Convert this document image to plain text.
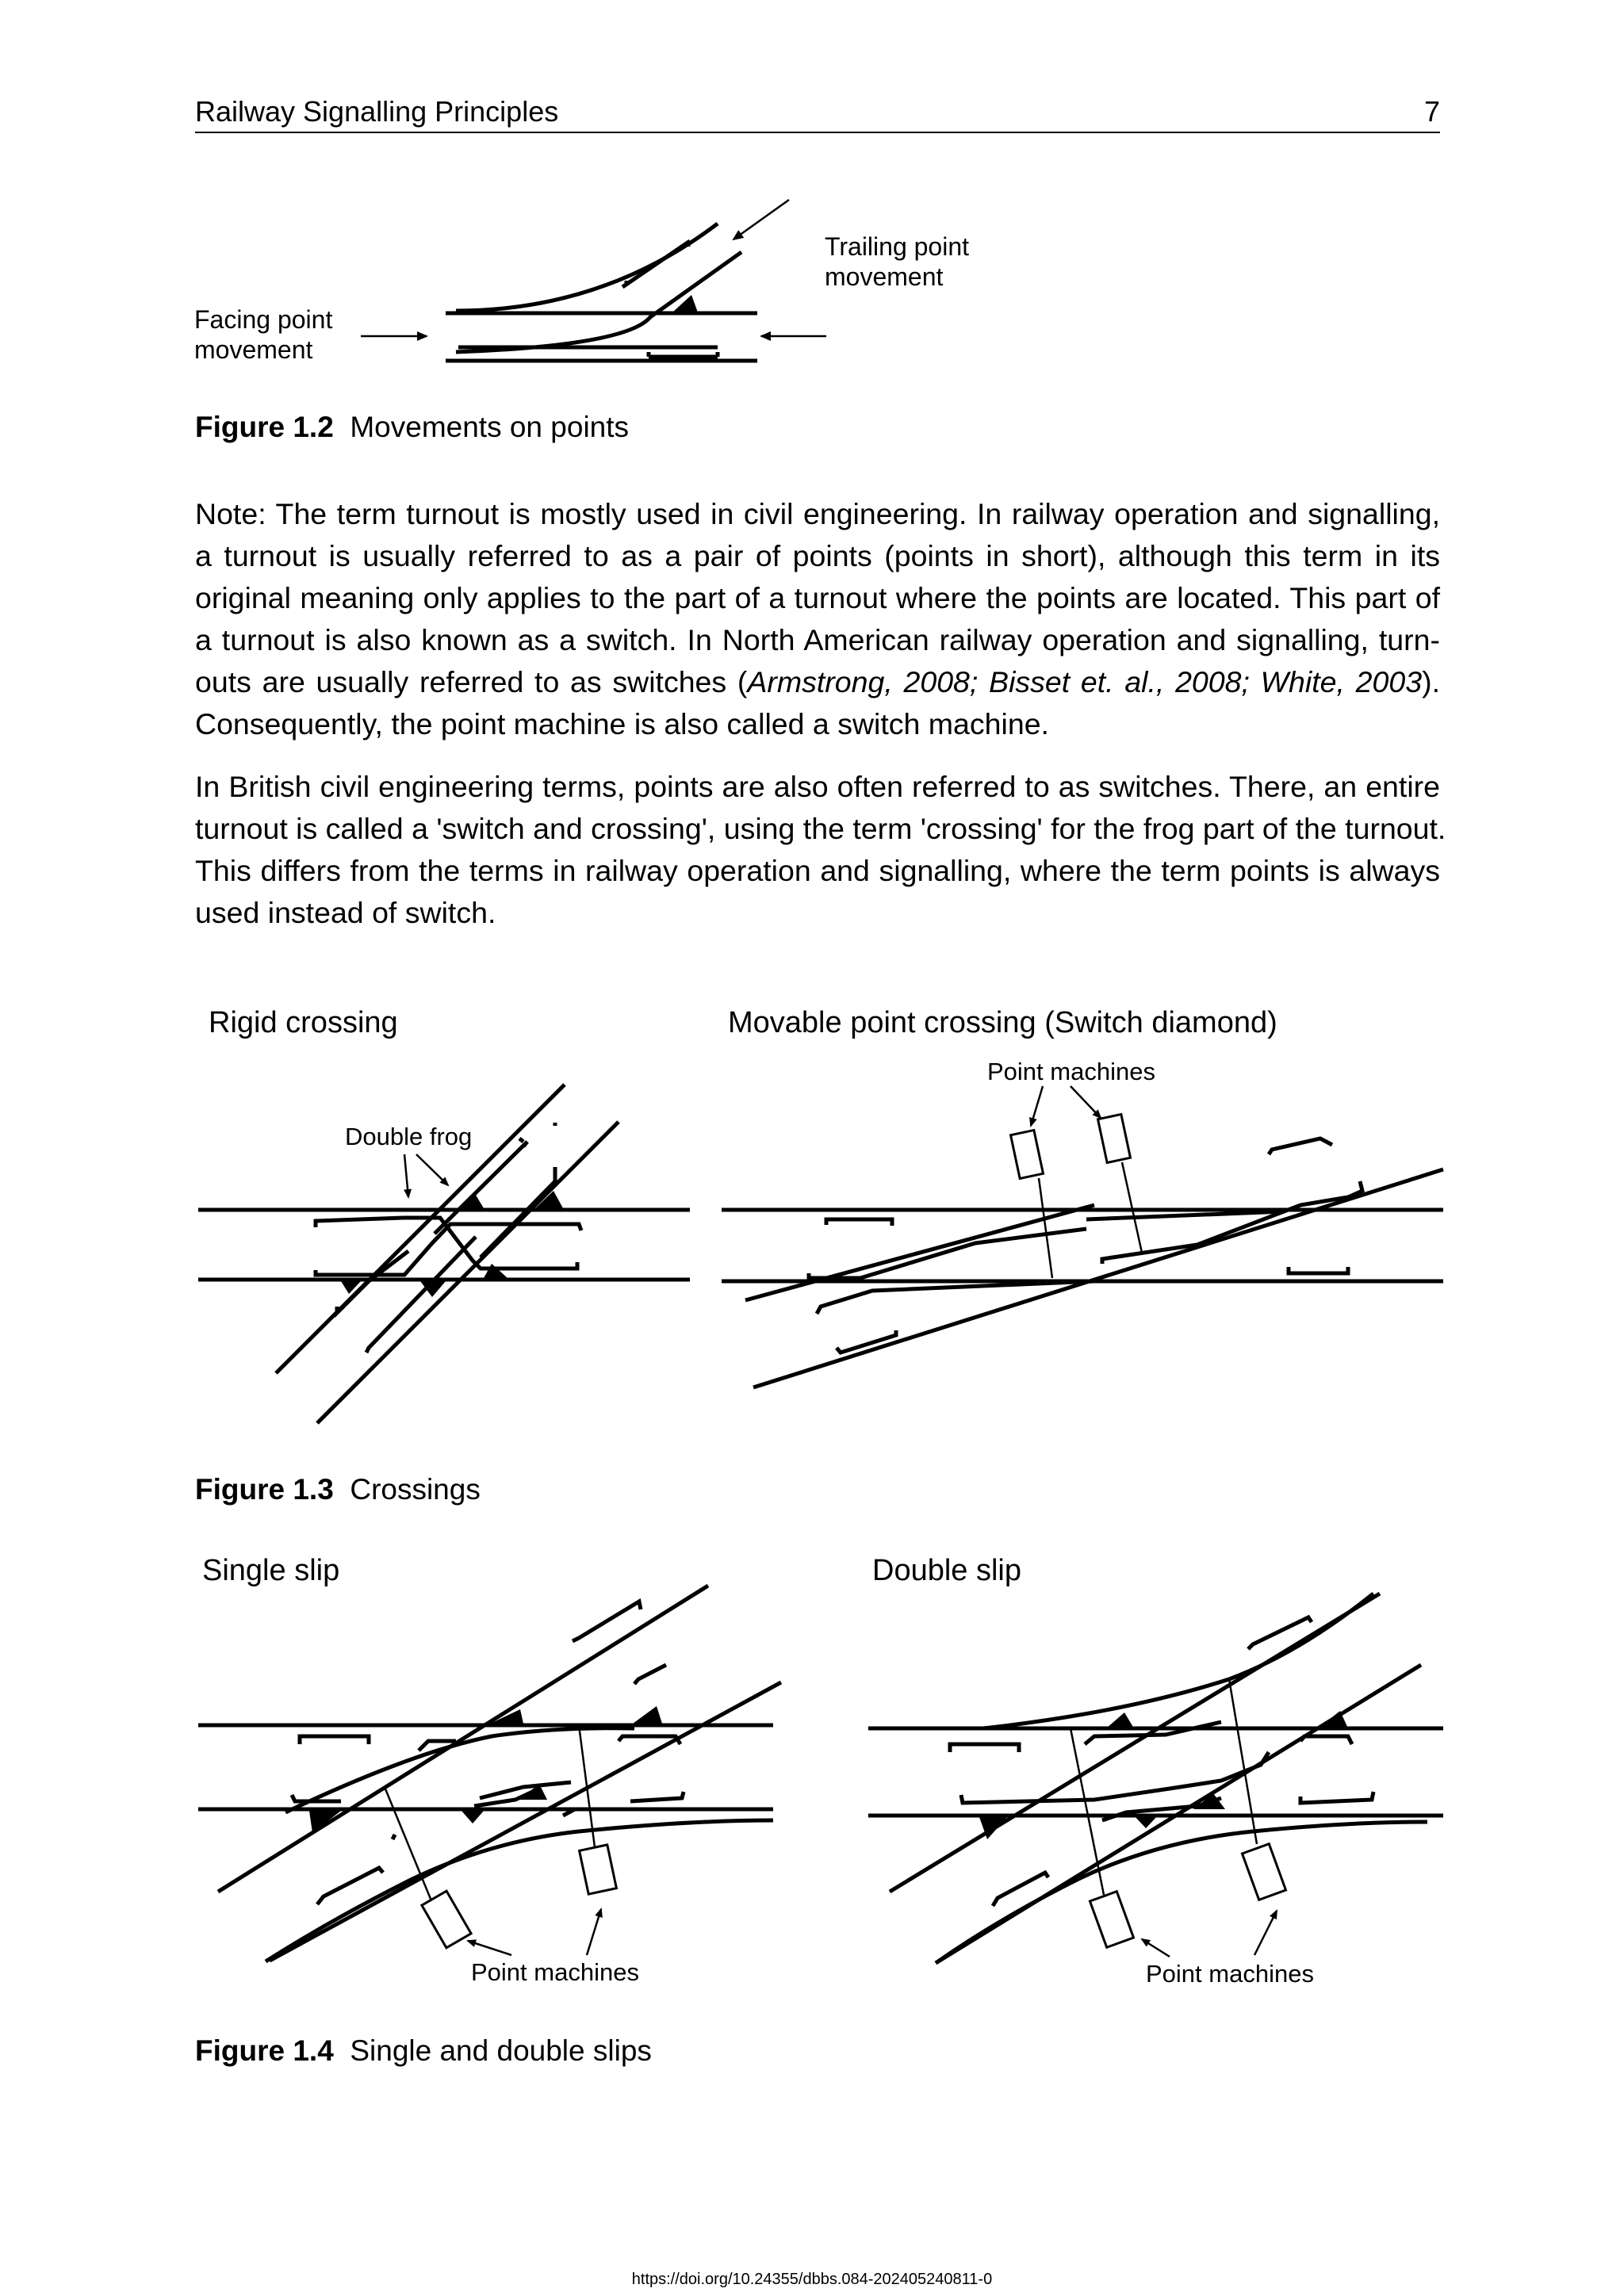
Railway Signalling Principles	7
Facing point
movement
Trailing point
movement
Figure 1.2 Movements on points
Note: The term turnout is mostly used in civil engineering. In railway operation and signalling,
a turnout is usually referred to as a pair of points (points in short), although this term in its
original meaning only applies to the part of a turnout where the points are located. This part of
a turnout is also known as a switch. In North American railway operation and signalling, turn-
outs are usually referred to as switches (Armstrong, 2008; Bisset et. al., 2008; White, 2003).
Consequently, the point machine is also called a switch machine.
In British civil engineering terms, points are also often referred to as switches. There, an entire
turnout is called a 'switch and crossing', using the term 'crossing' for the frog part of the turnout.
This differs from the terms in railway operation and signalling, where the term points is always
used instead of switch.
Rigid crossing	Movable point crossing (Switch diamond)
Double frog
Point machines
Figure 1.3 Crossings
Single slip	Double slip
Point machines	Point machines
Figure 1.4 Single and double slips
https://doi.org/10.24355/dbbs.084-202405240811-0
